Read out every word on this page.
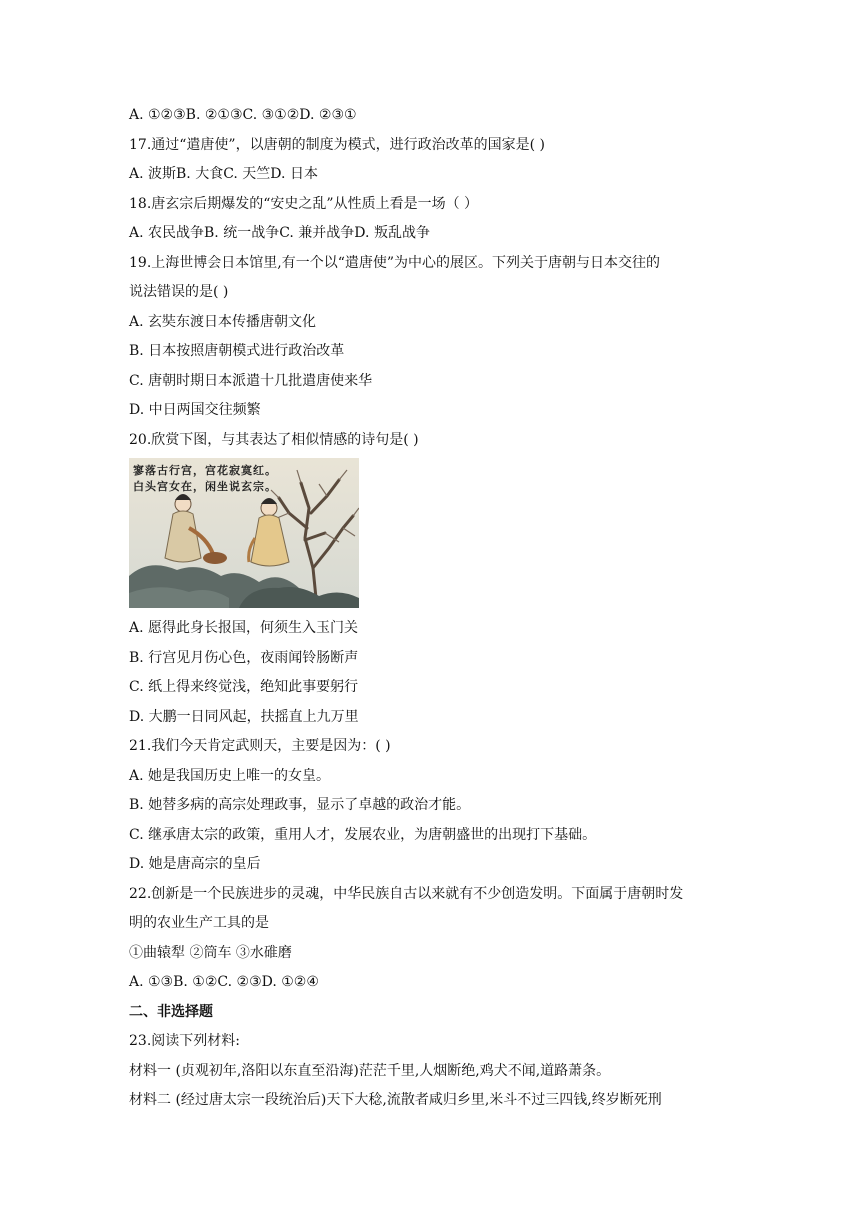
A. ①②③B. ②①③C. ③①②D. ②③①
17.通过“遣唐使”，以唐朝的制度为模式，进行政治改革的国家是( )
A. 波斯B. 大食C. 天竺D. 日本
18.唐玄宗后期爆发的“安史之乱”从性质上看是一场（ ）
A. 农民战争B. 统一战争C. 兼并战争D. 叛乱战争
19.上海世博会日本馆里,有一个以“遣唐使”为中心的展区。下列关于唐朝与日本交往的
说法错误的是( )
A. 玄奘东渡日本传播唐朝文化
B. 日本按照唐朝模式进行政治改革
C. 唐朝时期日本派遣十几批遣唐使来华
D. 中日两国交往频繁
20.欣赏下图，与其表达了相似情感的诗句是( )
寥落古行宫，宫花寂寞红。
白头宫女在，闲坐说玄宗。
A. 愿得此身长报国，何须生入玉门关
B. 行宫见月伤心色，夜雨闻铃肠断声
C. 纸上得来终觉浅，绝知此事要躬行
D. 大鹏一日同风起，扶摇直上九万里
21.我们今天肯定武则天，主要是因为：( )
A. 她是我国历史上唯一的女皇。
B. 她替多病的高宗处理政事，显示了卓越的政治才能。
C. 继承唐太宗的政策，重用人才，发展农业，为唐朝盛世的出现打下基础。
D. 她是唐高宗的皇后
22.创新是一个民族进步的灵魂，中华民族自古以来就有不少创造发明。下面属于唐朝时发
明的农业生产工具的是
①曲辕犁 ②筒车 ③水碓磨
A. ①③B. ①②C. ②③D. ①②④
二、非选择题
23.阅读下列材料:
材料一 (贞观初年,洛阳以东直至沿海)茫茫千里,人烟断绝,鸡犬不闻,道路萧条。
材料二 (经过唐太宗一段统治后)天下大稔,流散者咸归乡里,米斗不过三四钱,终岁断死刑
